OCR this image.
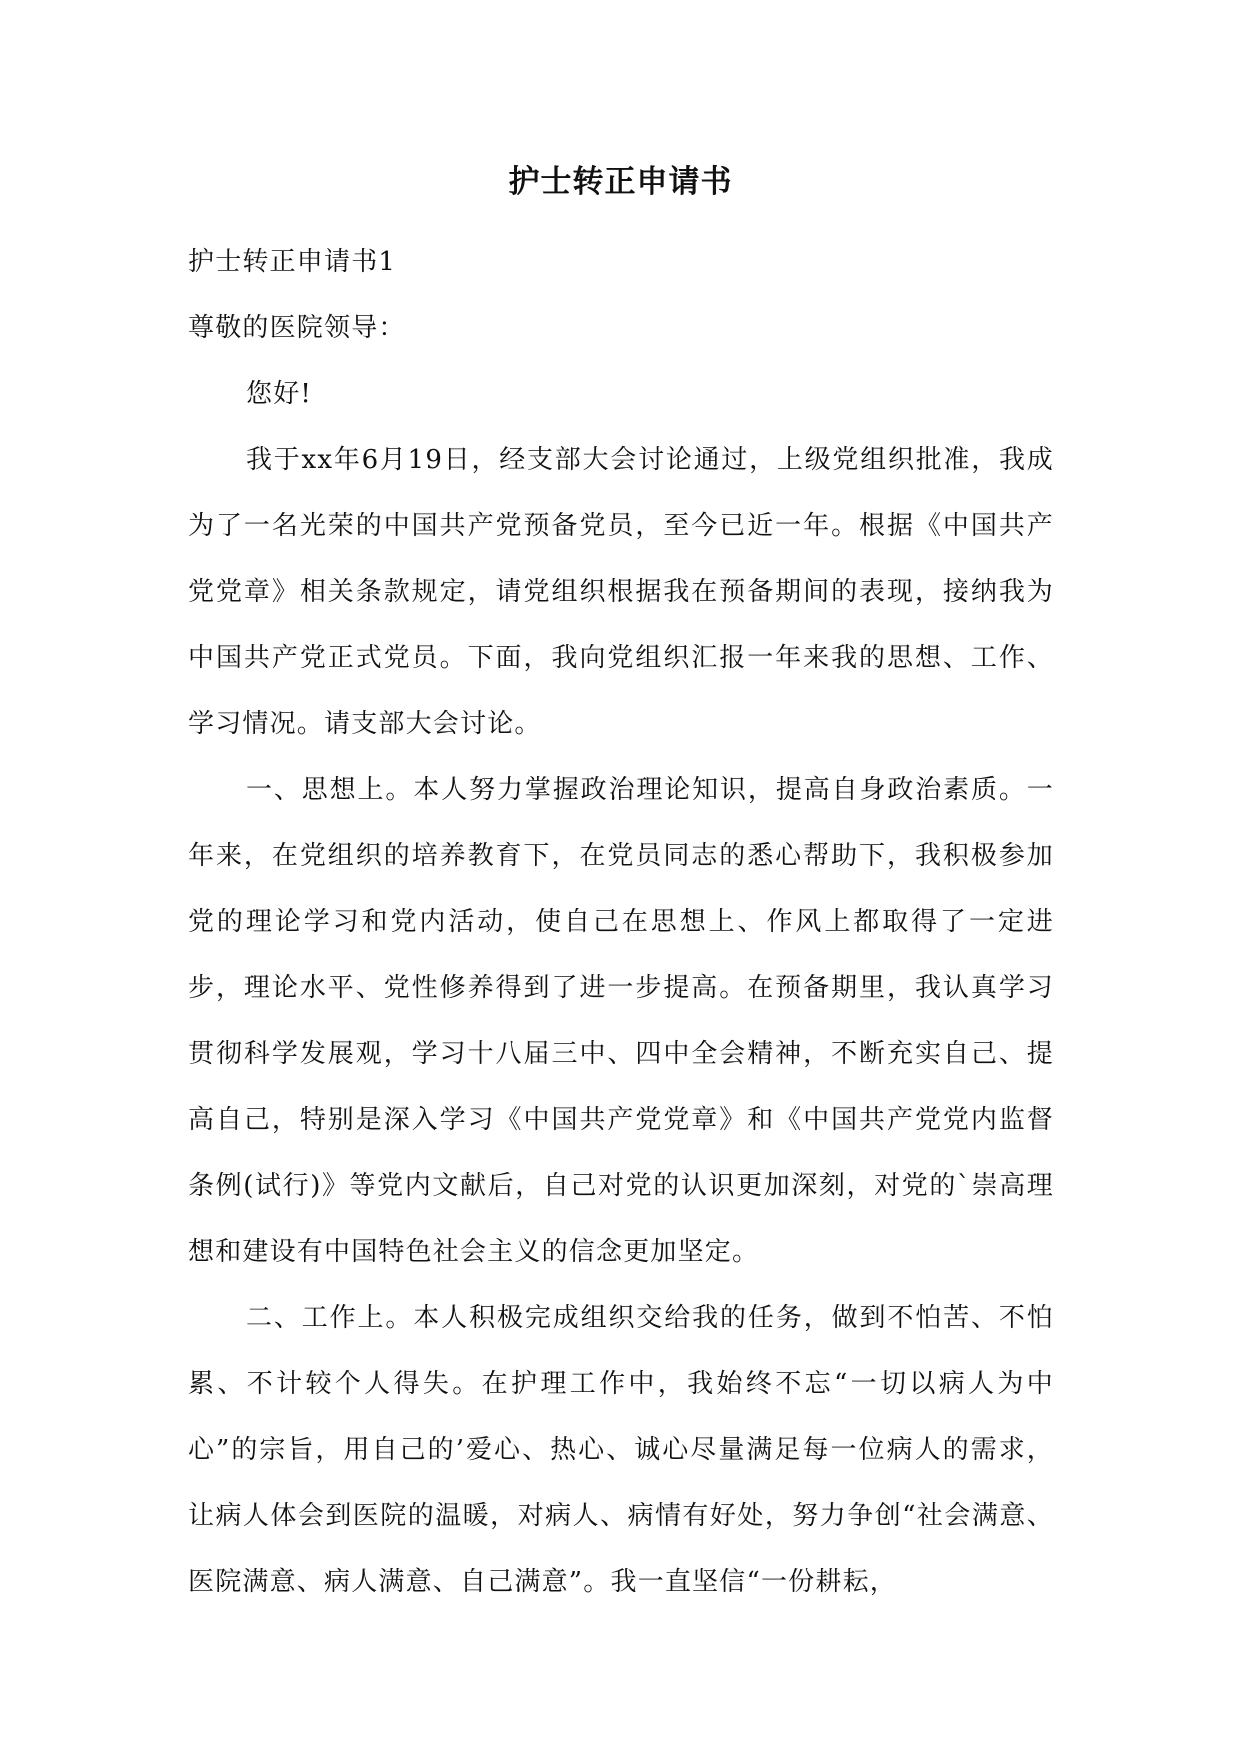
护士转正申请书

护士转正申请书1

尊敬的医院领导：

您好!

我于xx年6月19日，经支部大会讨论通过，上级党组织批准，我成为了一名光荣的中国共产党预备党员，至今已近一年。根据《中国共产党党章》相关条款规定，请党组织根据我在预备期间的表现，接纳我为中国共产党正式党员。下面，我向党组织汇报一年来我的思想、工作、学习情况。请支部大会讨论。

一、思想上。本人努力掌握政治理论知识，提高自身政治素质。一年来，在党组织的培养教育下，在党员同志的悉心帮助下，我积极参加党的理论学习和党内活动，使自己在思想上、作风上都取得了一定进步，理论水平、党性修养得到了进一步提高。在预备期里，我认真学习贯彻科学发展观，学习十八届三中、四中全会精神，不断充实自己、提高自己，特别是深入学习《中国共产党党章》和《中国共产党党内监督条例(试行)》等党内文献后，自己对党的认识更加深刻，对党的`崇高理想和建设有中国特色社会主义的信念更加坚定。

二、工作上。本人积极完成组织交给我的任务，做到不怕苦、不怕累、不计较个人得失。在护理工作中，我始终不忘“一切以病人为中心”的宗旨，用自己的’爱心、热心、诚心尽量满足每一位病人的需求，让病人体会到医院的温暖，对病人、病情有好处，努力争创“社会满意、医院满意、病人满意、自己满意”。我一直坚信“一份耕耘，
